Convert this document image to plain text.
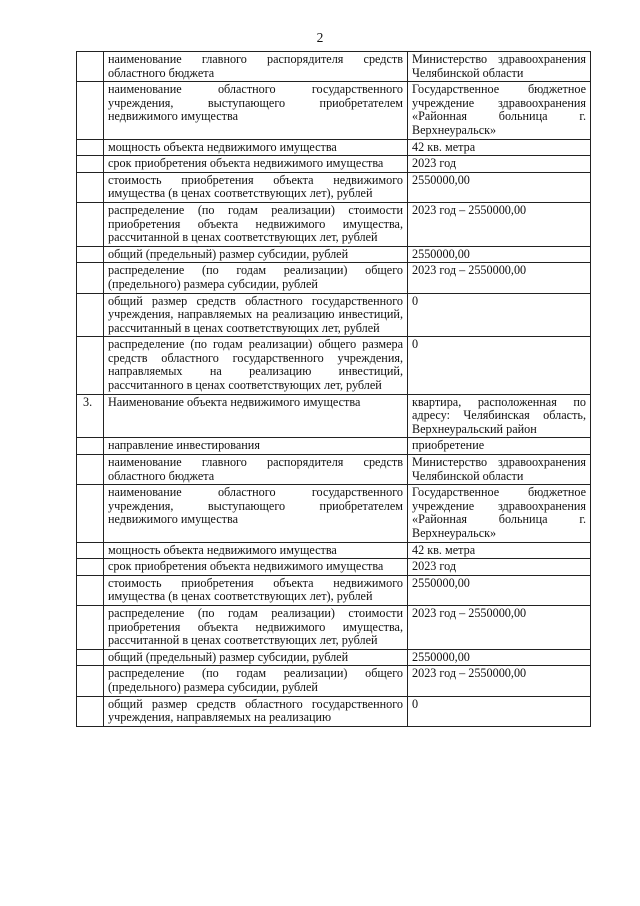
2
	наименование главного распорядителя средств областного бюджета	Министерство здравоохранения Челябинской области
	наименование областного государственного учреждения, выступающего приобретателем недвижимого имущества	Государственное бюджетное учреждение здравоохранения «Районная больница г. Верхнеуральск»
	мощность объекта недвижимого имущества	42 кв. метра
	срок приобретения объекта недвижимого имущества	2023 год
	стоимость приобретения объекта недвижимого имущества (в ценах соответствующих лет), рублей	2550000,00
	распределение (по годам реализации) стоимости приобретения объекта недвижимого имущества, рассчитанной в ценах соответствующих лет, рублей	2023 год – 2550000,00
	общий (предельный) размер субсидии, рублей	2550000,00
	распределение (по годам реализации) общего (предельного) размера субсидии, рублей	2023 год – 2550000,00
	общий размер средств областного государственного учреждения, направляемых на реализацию инвестиций, рассчитанный в ценах соответствующих лет, рублей	0
	распределение (по годам реализации) общего размера средств областного государственного учреждения, направляемых на реализацию инвестиций, рассчитанного в ценах соответствующих лет, рублей	0
3.	Наименование объекта недвижимого имущества	квартира, расположенная по адресу: Челябинская область, Верхнеуральский район
	направление инвестирования	приобретение
	наименование главного распорядителя средств областного бюджета	Министерство здравоохранения Челябинской области
	наименование областного государственного учреждения, выступающего приобретателем недвижимого имущества	Государственное бюджетное учреждение здравоохранения «Районная больница г. Верхнеуральск»
	мощность объекта недвижимого имущества	42 кв. метра
	срок приобретения объекта недвижимого имущества	2023 год
	стоимость приобретения объекта недвижимого имущества (в ценах соответствующих лет), рублей	2550000,00
	распределение (по годам реализации) стоимости приобретения объекта недвижимого имущества, рассчитанной в ценах соответствующих лет, рублей	2023 год – 2550000,00
	общий (предельный) размер субсидии, рублей	2550000,00
	распределение (по годам реализации) общего (предельного) размера субсидии, рублей	2023 год – 2550000,00
	общий размер средств областного государственного учреждения, направляемых на реализацию	0
